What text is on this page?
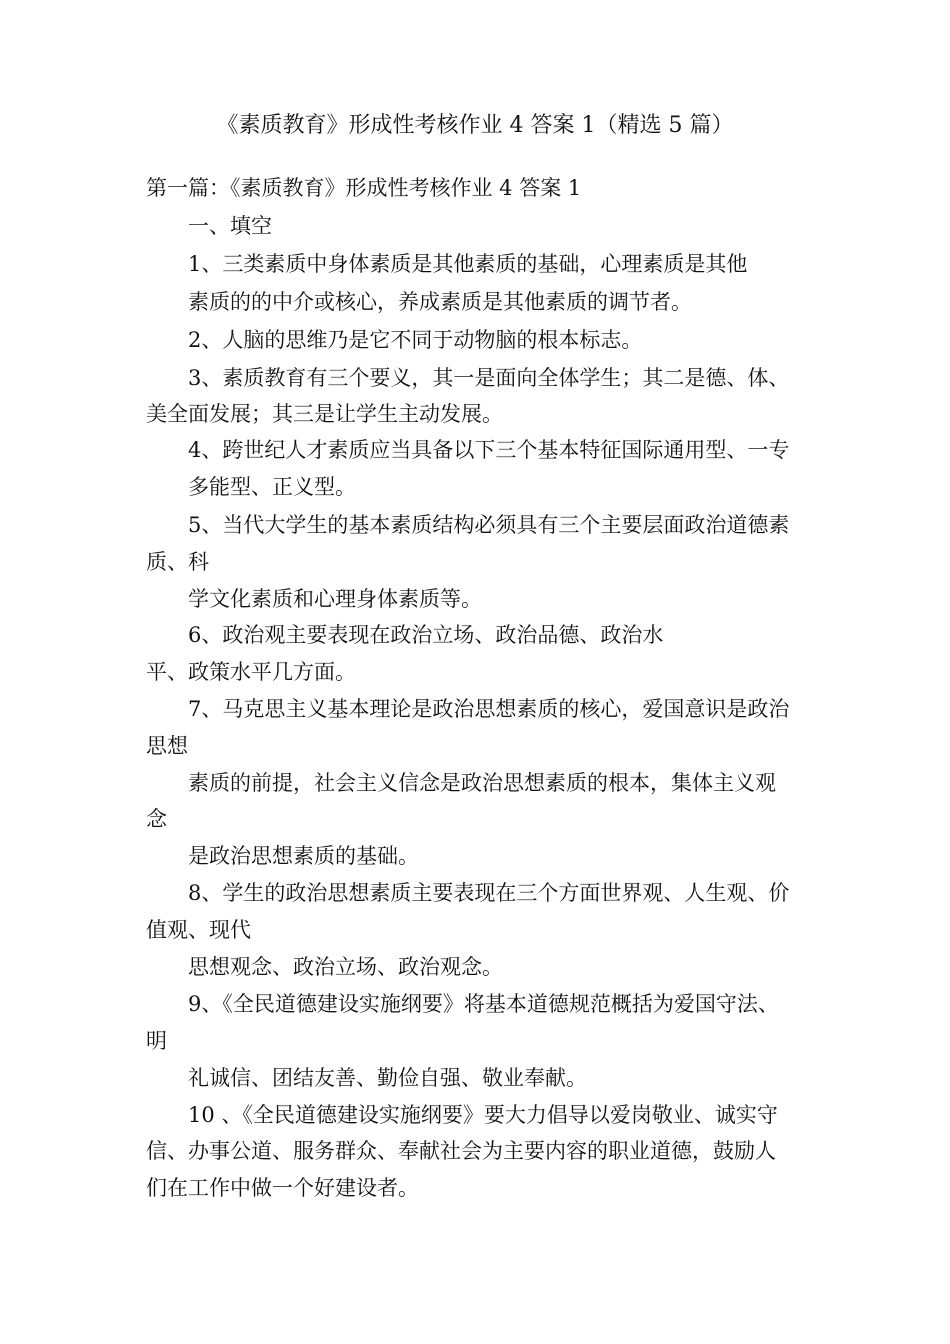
《素质教育》形成性考核作业 4 答案 1（精选 5 篇）
第一篇：《素质教育》形成性考核作业 4 答案 1
一、填空
1、三类素质中身体素质是其他素质的基础，心理素质是其他
素质的的中介或核心，养成素质是其他素质的调节者。
2、人脑的思维乃是它不同于动物脑的根本标志。
3、素质教育有三个要义，其一是面向全体学生；其二是德、体、
美全面发展；其三是让学生主动发展。
4、跨世纪人才素质应当具备以下三个基本特征国际通用型、一专
多能型、正义型。
5、当代大学生的基本素质结构必须具有三个主要层面政治道德素
质、科
学文化素质和心理身体素质等。
6、政治观主要表现在政治立场、政治品德、政治水
平、政策水平几方面。
7、马克思主义基本理论是政治思想素质的核心，爱国意识是政治
思想
素质的前提，社会主义信念是政治思想素质的根本，集体主义观
念
是政治思想素质的基础。
8、学生的政治思想素质主要表现在三个方面世界观、人生观、价
值观、现代
思想观念、政治立场、政治观念。
9、《全民道德建设实施纲要》将基本道德规范概括为爱国守法、
明
礼诚信、团结友善、勤俭自强、敬业奉献。
10 、《全民道德建设实施纲要》要大力倡导以爱岗敬业、诚实守
信、办事公道、服务群众、奉献社会为主要内容的职业道德，鼓励人
们在工作中做一个好建设者。
